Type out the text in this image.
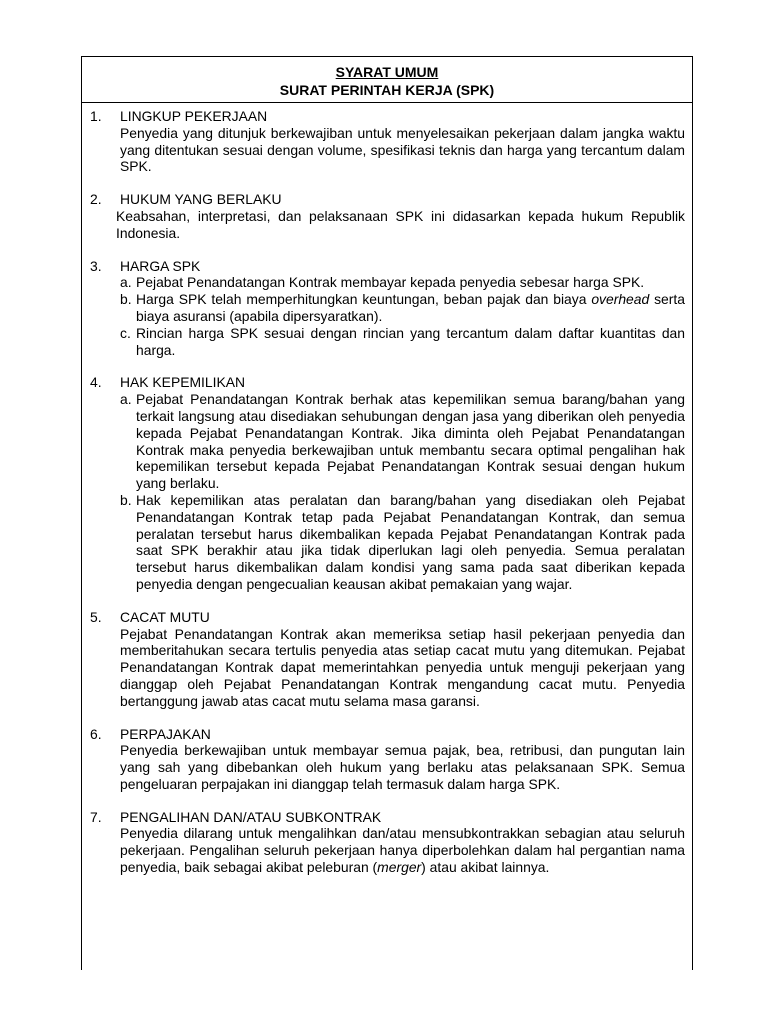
SYARAT UMUM
SURAT PERINTAH KERJA (SPK)
1.	LINGKUP PEKERJAAN
Penyedia yang ditunjuk berkewajiban untuk menyelesaikan pekerjaan dalam jangka waktu yang ditentukan sesuai dengan volume, spesifikasi teknis dan harga yang tercantum dalam SPK.
2.	HUKUM YANG BERLAKU
Keabsahan, interpretasi, dan pelaksanaan SPK ini didasarkan kepada hukum Republik Indonesia.
3.	HARGA SPK
a. Pejabat Penandatangan Kontrak membayar kepada penyedia sebesar harga SPK.
b. Harga SPK telah memperhitungkan keuntungan, beban pajak dan biaya overhead serta biaya asuransi (apabila dipersyaratkan).
c. Rincian harga SPK sesuai dengan rincian yang tercantum dalam daftar kuantitas dan harga.
4.	HAK KEPEMILIKAN
a. Pejabat Penandatangan Kontrak berhak atas kepemilikan semua barang/bahan yang terkait langsung atau disediakan sehubungan dengan jasa yang diberikan oleh penyedia kepada Pejabat Penandatangan Kontrak. Jika diminta oleh Pejabat Penandatangan Kontrak maka penyedia berkewajiban untuk membantu secara optimal pengalihan hak kepemilikan tersebut kepada Pejabat Penandatangan Kontrak sesuai dengan hukum yang berlaku.
b. Hak kepemilikan atas peralatan dan barang/bahan yang disediakan oleh Pejabat Penandatangan Kontrak tetap pada Pejabat Penandatangan Kontrak, dan semua peralatan tersebut harus dikembalikan kepada Pejabat Penandatangan Kontrak pada saat SPK berakhir atau jika tidak diperlukan lagi oleh penyedia. Semua peralatan tersebut harus dikembalikan dalam kondisi yang sama pada saat diberikan kepada penyedia dengan pengecualian keausan akibat pemakaian yang wajar.
5.	CACAT MUTU
Pejabat Penandatangan Kontrak akan memeriksa setiap hasil pekerjaan penyedia dan memberitahukan secara tertulis penyedia atas setiap cacat mutu yang ditemukan. Pejabat Penandatangan Kontrak dapat memerintahkan penyedia untuk menguji pekerjaan yang dianggap oleh Pejabat Penandatangan Kontrak mengandung cacat mutu. Penyedia bertanggung jawab atas cacat mutu selama masa garansi.
6.	PERPAJAKAN
Penyedia berkewajiban untuk membayar semua pajak, bea, retribusi, dan pungutan lain yang sah yang dibebankan oleh hukum yang berlaku atas pelaksanaan SPK. Semua pengeluaran perpajakan ini dianggap telah termasuk dalam harga SPK.
7.	PENGALIHAN DAN/ATAU SUBKONTRAK
Penyedia dilarang untuk mengalihkan dan/atau mensubkontrakkan sebagian atau seluruh pekerjaan. Pengalihan seluruh pekerjaan hanya diperbolehkan dalam hal pergantian nama penyedia, baik sebagai akibat peleburan (merger) atau akibat lainnya.
